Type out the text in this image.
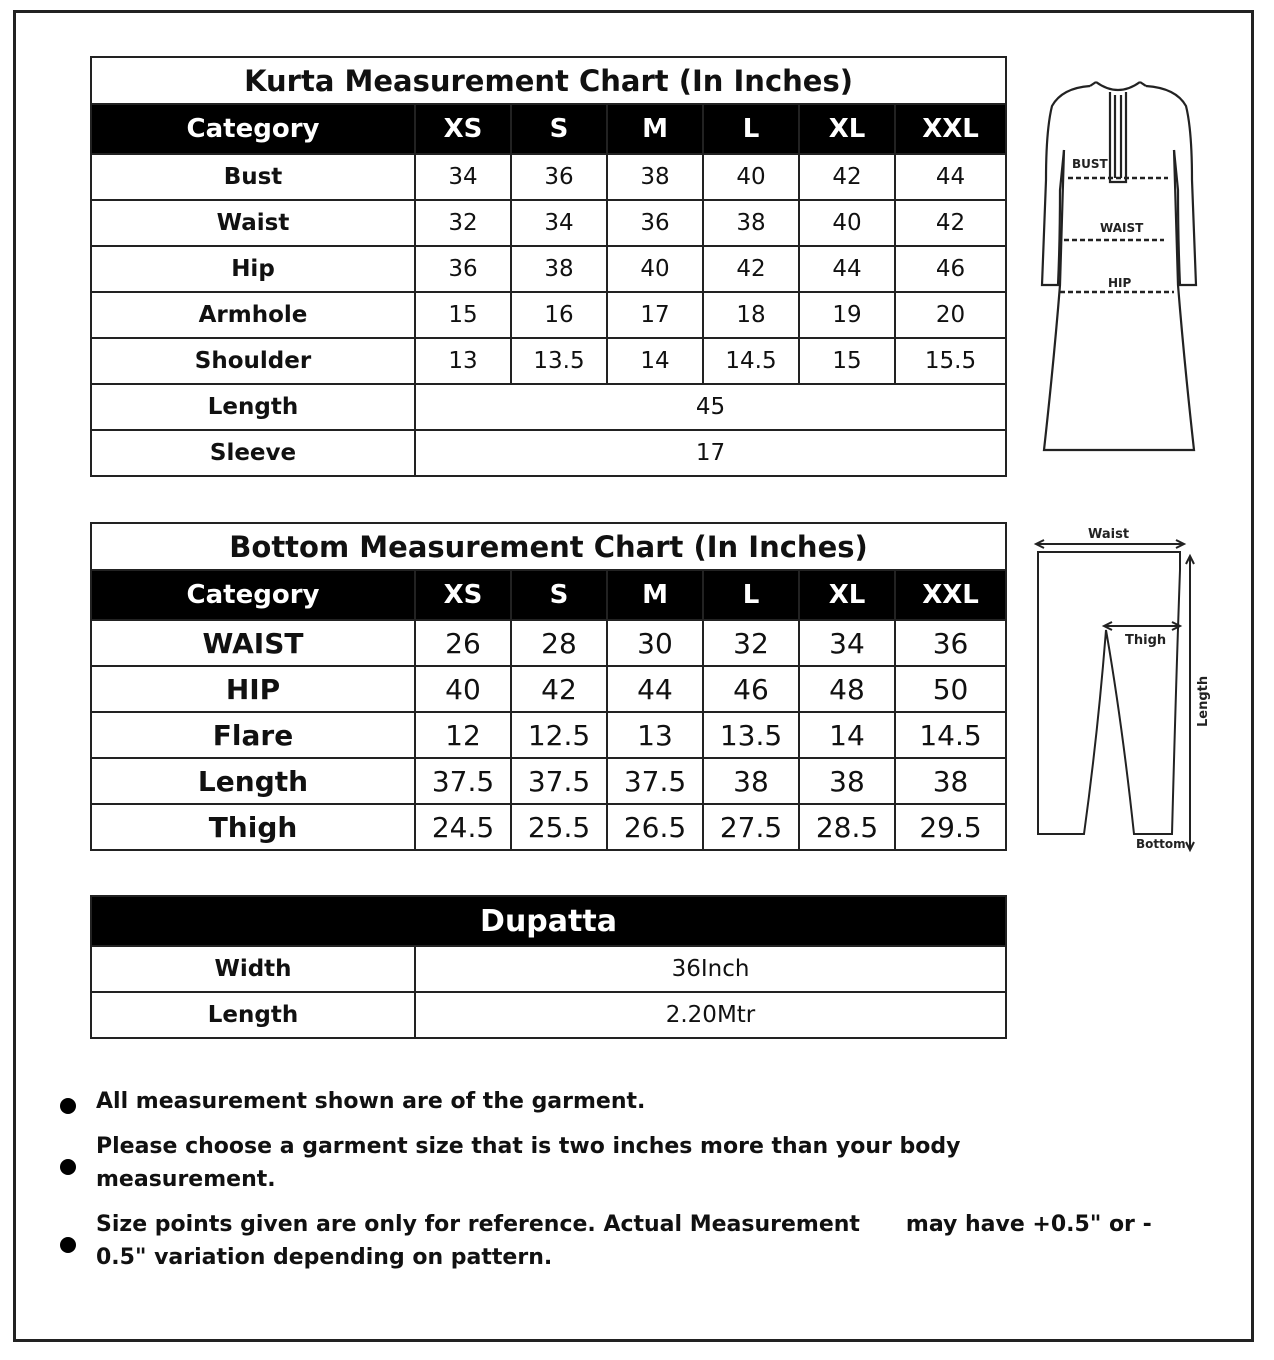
Kurta Measurement Chart (In Inches)						
Category	XS	S	M	L	XL	XXL
Bust	34	36	38	40	42	44
Waist	32	34	36	38	40	42
Hip	36	38	40	42	44	46
Armhole	15	16	17	18	19	20
Shoulder	13	13.5	14	14.5	15	15.5
Length	45					
Sleeve	17					
Bottom Measurement Chart (In Inches)						
Category	XS	S	M	L	XL	XXL
WAIST	26	28	30	32	34	36
HIP	40	42	44	46	48	50
Flare	12	12.5	13	13.5	14	14.5
Length	37.5	37.5	37.5	38	38	38
Thigh	24.5	25.5	26.5	27.5	28.5	29.5
Dupatta	
Width	36Inch
Length	2.20Mtr
BUST
WAIST
HIP
Waist
Thigh
Length
Bottom
All measurement shown are of the garment.
Please choose a garment size that is two inches more than your body
measurement.
Size points given are only for reference. Actual Measurement      may have +0.5" or -
0.5" variation depending on pattern.
